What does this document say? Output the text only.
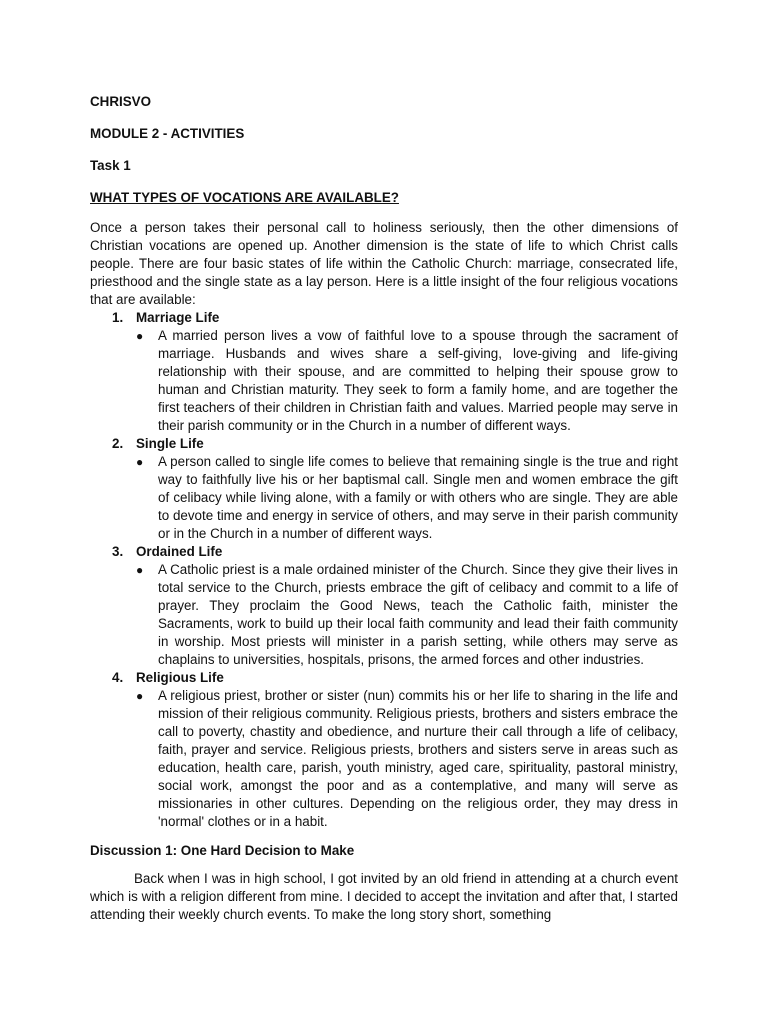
CHRISVO
MODULE 2 - ACTIVITIES
Task 1
WHAT TYPES OF VOCATIONS ARE AVAILABLE?

Once a person takes their personal call to holiness seriously, then the other dimensions of Christian vocations are opened up. Another dimension is the state of life to which Christ calls people. There are four basic states of life within the Catholic Church: marriage, consecrated life, priesthood and the single state as a lay person. Here is a little insight of the four religious vocations that are available:

1. Marriage Life
●	A married person lives a vow of faithful love to a spouse through the sacrament of marriage. Husbands and wives share a self-giving, love-giving and life-giving relationship with their spouse, and are committed to helping their spouse grow to human and Christian maturity. They seek to form a family home, and are together the first teachers of their children in Christian faith and values. Married people may serve in their parish community or in the Church in a number of different ways.
2. Single Life
●	A person called to single life comes to believe that remaining single is the true and right way to faithfully live his or her baptismal call. Single men and women embrace the gift of celibacy while living alone, with a family or with others who are single. They are able to devote time and energy in service of others, and may serve in their parish community or in the Church in a number of different ways.
3. Ordained Life
●	A Catholic priest is a male ordained minister of the Church. Since they give their lives in total service to the Church, priests embrace the gift of celibacy and commit to a life of prayer. They proclaim the Good News, teach the Catholic faith, minister the Sacraments, work to build up their local faith community and lead their faith community in worship. Most priests will minister in a parish setting, while others may serve as chaplains to universities, hospitals, prisons, the armed forces and other industries.
4. Religious Life
●	A religious priest, brother or sister (nun) commits his or her life to sharing in the life and mission of their religious community. Religious priests, brothers and sisters embrace the call to poverty, chastity and obedience, and nurture their call through a life of celibacy, faith, prayer and service. Religious priests, brothers and sisters serve in areas such as education, health care, parish, youth ministry, aged care, spirituality, pastoral ministry, social work, amongst the poor and as a contemplative, and many will serve as missionaries in other cultures. Depending on the religious order, they may dress in 'normal' clothes or in a habit.
Discussion 1: One Hard Decision to Make

Back when I was in high school, I got invited by an old friend in attending at a church event which is with a religion different from mine. I decided to accept the invitation and after that, I started attending their weekly church events. To make the long story short, something
